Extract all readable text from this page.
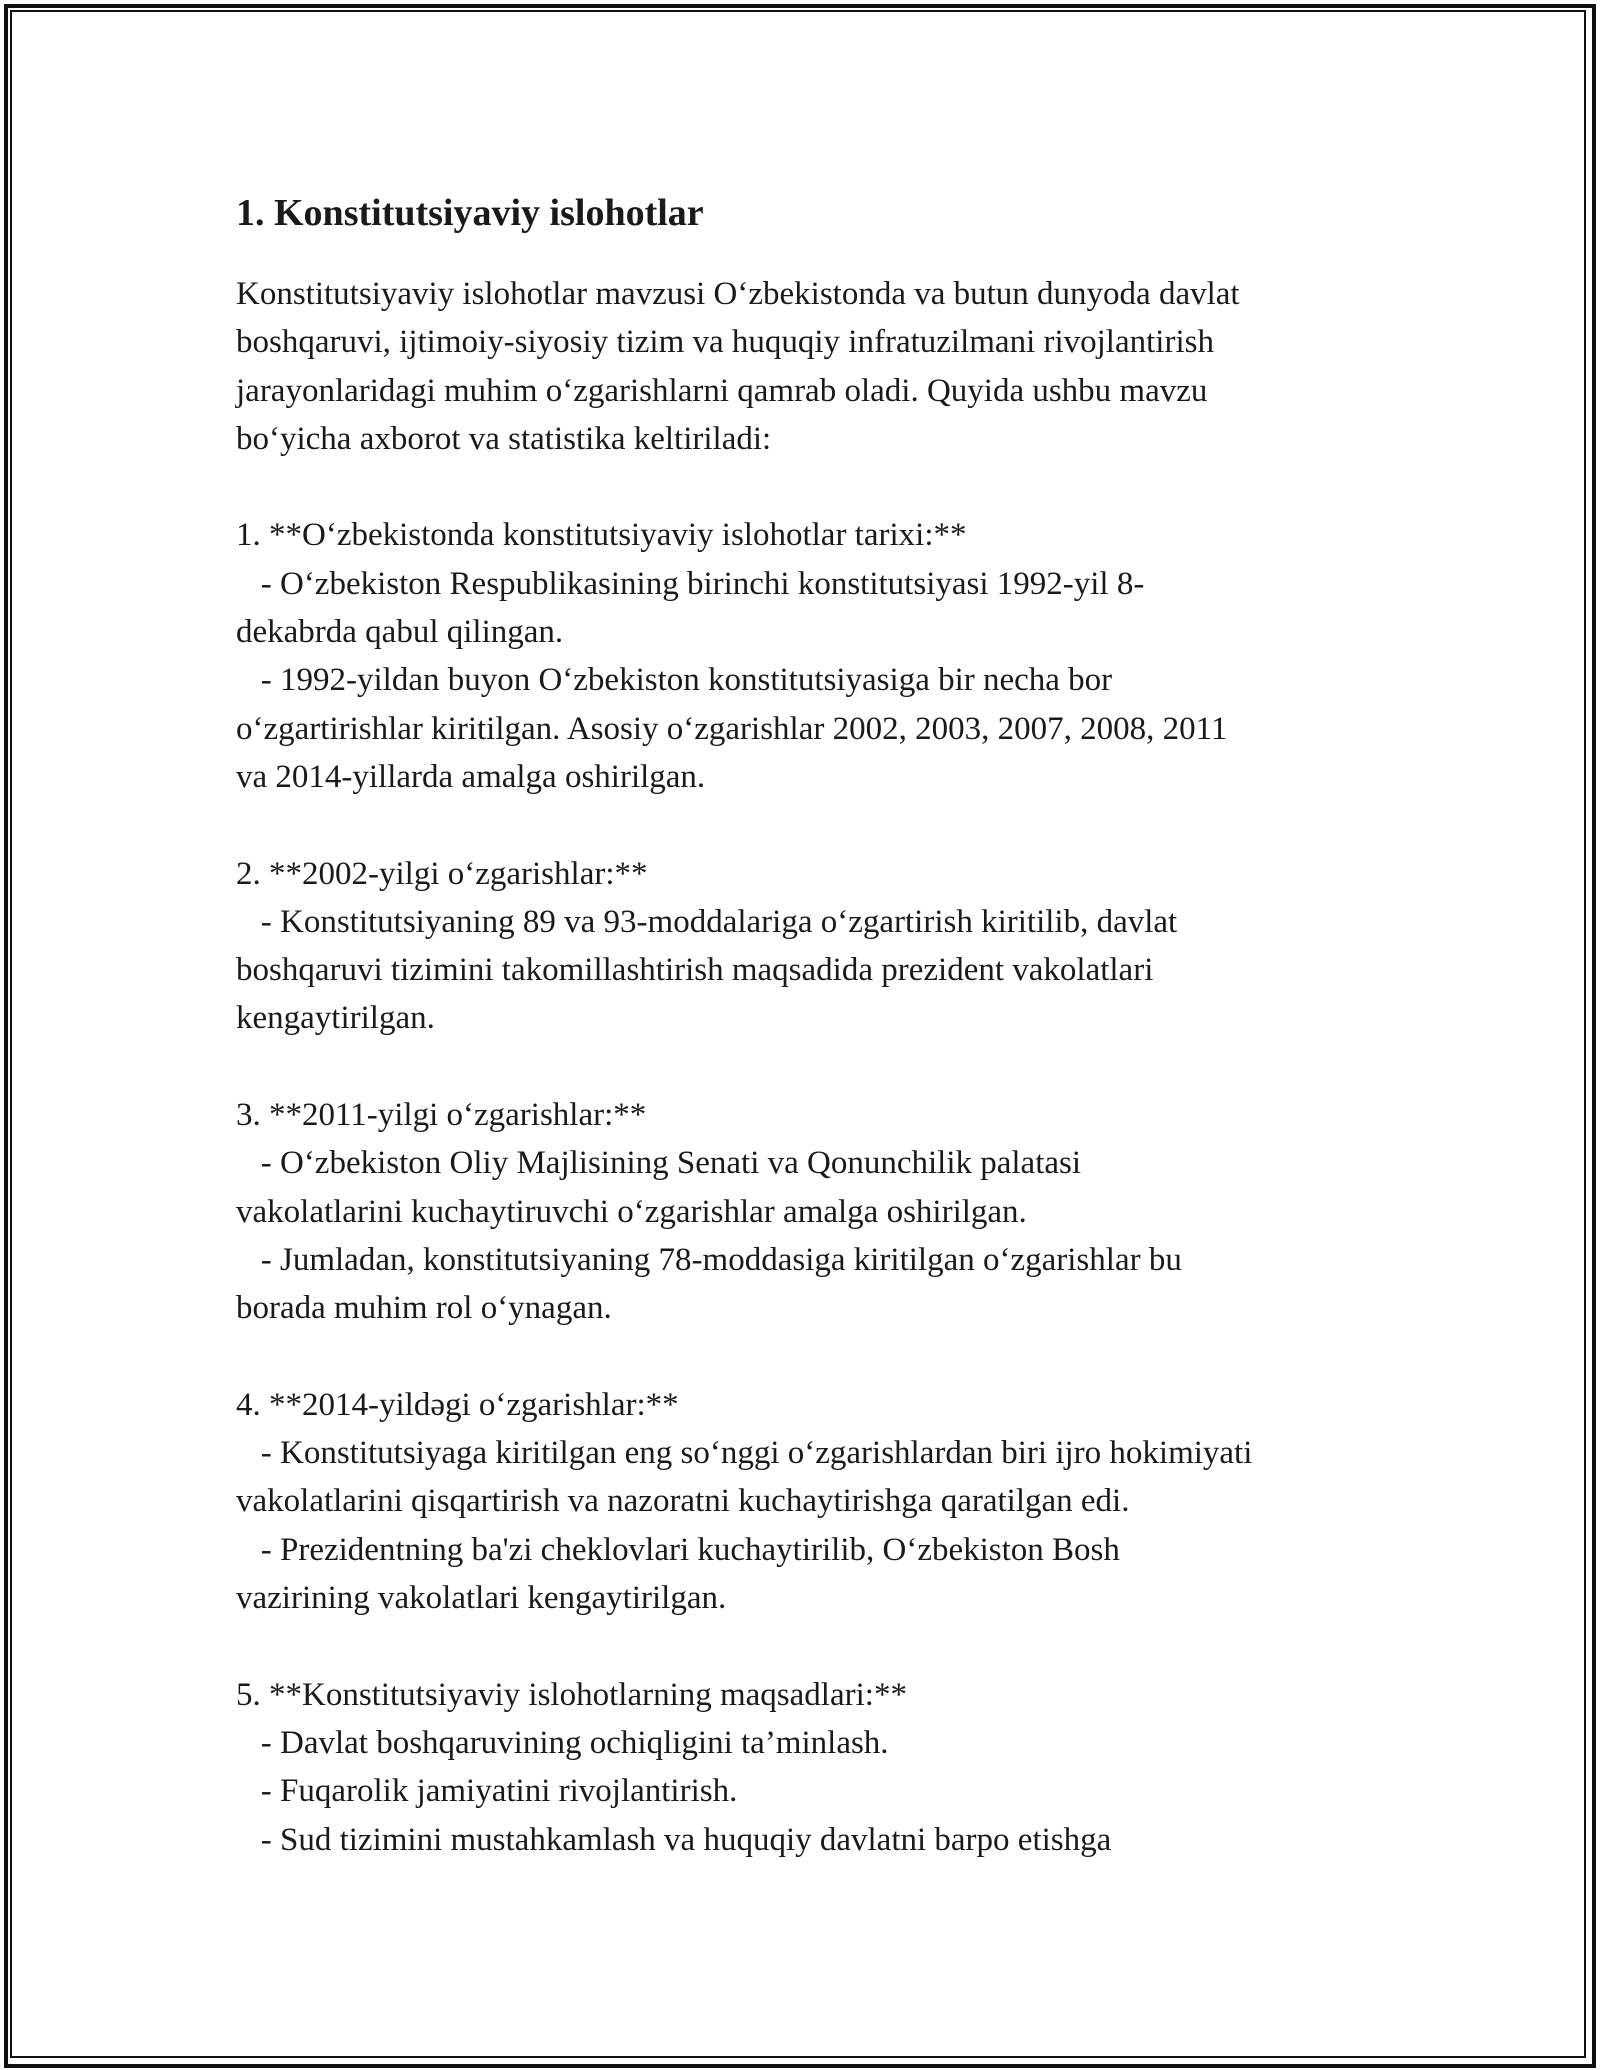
1. Konstitutsiyaviy islohotlar
Konstitutsiyaviy islohotlar mavzusi O‘zbekistonda va butun dunyoda davlat
boshqaruvi, ijtimoiy-siyosiy tizim va huquqiy infratuzilmani rivojlantirish
jarayonlaridagi muhim o‘zgarishlarni qamrab oladi. Quyida ushbu mavzu
bo‘yicha axborot va statistika keltiriladi:
1. **O‘zbekistonda konstitutsiyaviy islohotlar tarixi:**
- O‘zbekiston Respublikasining birinchi konstitutsiyasi 1992-yil 8-
dekabrda qabul qilingan.
- 1992-yildan buyon O‘zbekiston konstitutsiyasiga bir necha bor
o‘zgartirishlar kiritilgan. Asosiy o‘zgarishlar 2002, 2003, 2007, 2008, 2011
va 2014-yillarda amalga oshirilgan.
2. **2002-yilgi o‘zgarishlar:**
- Konstitutsiyaning 89 va 93-moddalariga o‘zgartirish kiritilib, davlat
boshqaruvi tizimini takomillashtirish maqsadida prezident vakolatlari
kengaytirilgan.
3. **2011-yilgi o‘zgarishlar:**
- O‘zbekiston Oliy Majlisining Senati va Qonunchilik palatasi
vakolatlarini kuchaytiruvchi o‘zgarishlar amalga oshirilgan.
- Jumladan, konstitutsiyaning 78-moddasiga kiritilgan o‘zgarishlar bu
borada muhim rol o‘ynagan.
4. **2014-yildəgi o‘zgarishlar:**
- Konstitutsiyaga kiritilgan eng so‘nggi o‘zgarishlardan biri ijro hokimiyati
vakolatlarini qisqartirish va nazoratni kuchaytirishga qaratilgan edi.
- Prezidentning ba'zi cheklovlari kuchaytirilib, O‘zbekiston Bosh
vazirining vakolatlari kengaytirilgan.
5. **Konstitutsiyaviy islohotlarning maqsadlari:**
- Davlat boshqaruvining ochiqligini ta’minlash.
- Fuqarolik jamiyatini rivojlantirish.
- Sud tizimini mustahkamlash va huquqiy davlatni barpo etishga
